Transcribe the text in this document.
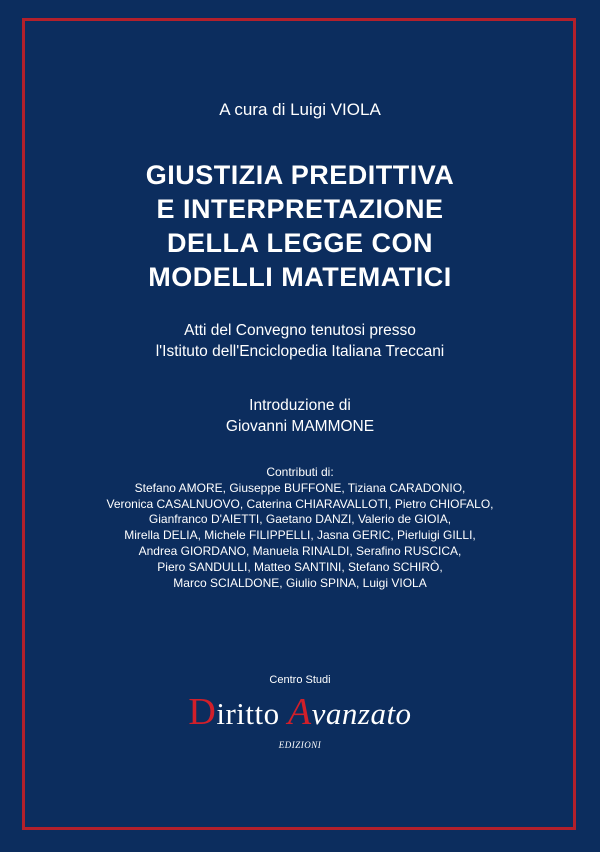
A cura di Luigi VIOLA
GIUSTIZIA PREDITTIVA
E INTERPRETAZIONE
DELLA LEGGE CON
MODELLI MATEMATICI
Atti del Convegno tenutosi presso
l'Istituto dell'Enciclopedia Italiana Treccani
Introduzione di
Giovanni MAMMONE
Contributi di:
Stefano AMORE, Giuseppe BUFFONE, Tiziana CARADONIO,
Veronica CASALNUOVO, Caterina CHIARAVALLOTI, Pietro CHIOFALO,
Gianfranco D'AIETTI, Gaetano DANZI, Valerio de GIOIA,
Mirella DELIA, Michele FILIPPELLI, Jasna GERIC, Pierluigi GILLI,
Andrea GIORDANO, Manuela RINALDI, Serafino RUSCICA,
Piero SANDULLI, Matteo SANTINI, Stefano SCHIRÒ,
Marco SCIALDONE, Giulio SPINA, Luigi VIOLA
Centro Studi
Diritto Avanzato
EDIZIONI
